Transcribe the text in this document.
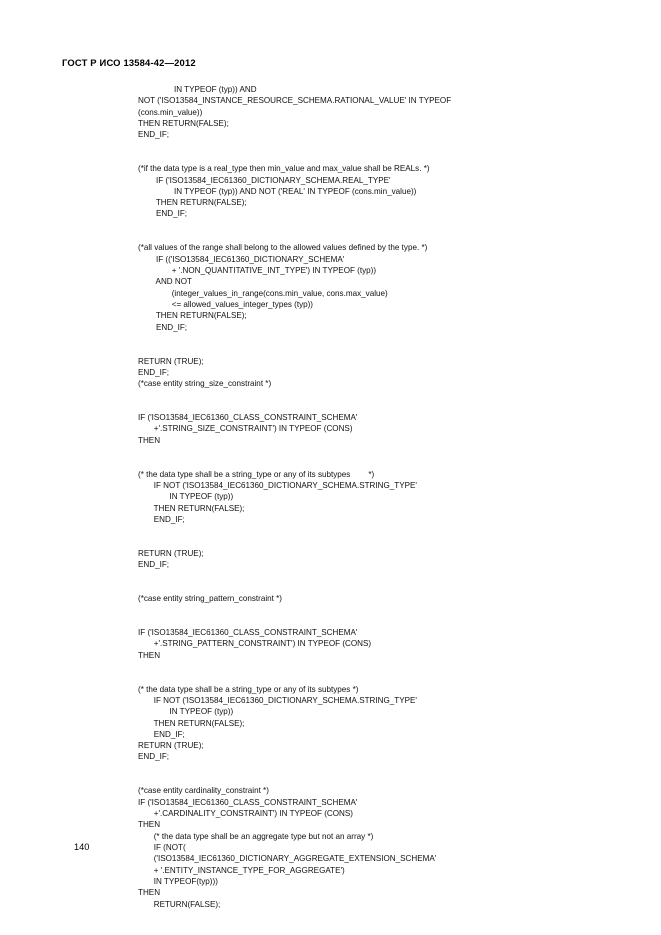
ГОСТ Р ИСО 13584-42—2012
IN TYPEOF (typ)) AND
NOT ('ISO13584_INSTANCE_RESOURCE_SCHEMA.RATIONAL_VALUE' IN TYPEOF
(cons.min_value))
THEN RETURN(FALSE);
END_IF;

(*if the data type is a real_type then min_value and max_value shall be REALs. *)
IF ('ISO13584_IEC61360_DICTIONARY_SCHEMA.REAL_TYPE'
IN TYPEOF (typ)) AND NOT ('REAL' IN TYPEOF (cons.min_value))
THEN RETURN(FALSE);
END_IF;

(*all values of the range shall belong to the allowed values defined by the type. *)
IF (('ISO13584_IEC61360_DICTIONARY_SCHEMA'
+ '.NON_QUANTITATIVE_INT_TYPE') IN TYPEOF (typ))
AND NOT
(integer_values_in_range(cons.min_value, cons.max_value)
<= allowed_values_integer_types (typ))
THEN RETURN(FALSE);
END_IF;

RETURN (TRUE);
END_IF;
(*case entity string_size_constraint *)

IF ('ISO13584_IEC61360_CLASS_CONSTRAINT_SCHEMA'
+'.STRING_SIZE_CONSTRAINT') IN TYPEOF (CONS)
THEN

(* the data type shall be a string_type or any of its subtypes        *)
IF NOT ('ISO13584_IEC61360_DICTIONARY_SCHEMA.STRING_TYPE'
IN TYPEOF (typ))
THEN RETURN(FALSE);
END_IF;

RETURN (TRUE);
END_IF;

(*case entity string_pattern_constraint *)

IF ('ISO13584_IEC61360_CLASS_CONSTRAINT_SCHEMA'
+'.STRING_PATTERN_CONSTRAINT') IN TYPEOF (CONS)
THEN

(* the data type shall be a string_type or any of its subtypes *)
IF NOT ('ISO13584_IEC61360_DICTIONARY_SCHEMA.STRING_TYPE'
IN TYPEOF (typ))
THEN RETURN(FALSE);
END_IF;
RETURN (TRUE);
END_IF;

(*case entity cardinality_constraint *)
IF ('ISO13584_IEC61360_CLASS_CONSTRAINT_SCHEMA'
+'.CARDINALITY_CONSTRAINT') IN TYPEOF (CONS)
THEN
(* the data type shall be an aggregate type but not an array *)
IF (NOT(
('ISO13584_IEC61360_DICTIONARY_AGGREGATE_EXTENSION_SCHEMA'
+ '.ENTITY_INSTANCE_TYPE_FOR_AGGREGATE')
IN TYPEOF(typ)))
THEN
RETURN(FALSE);
140
